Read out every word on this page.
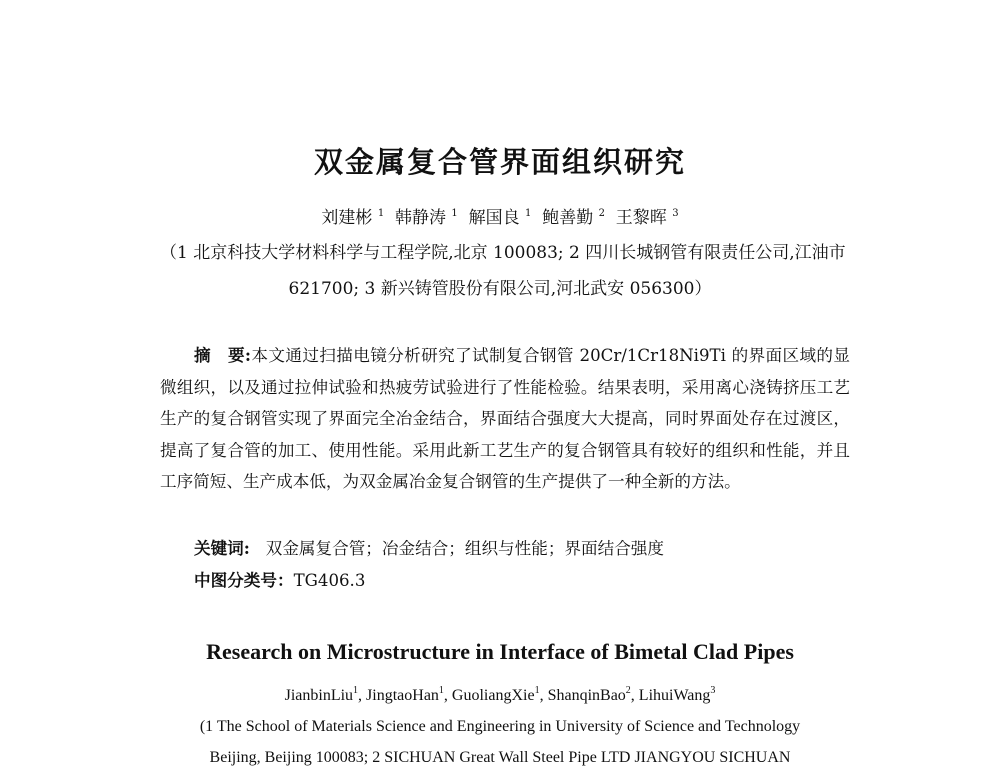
双金属复合管界面组织研究
刘建彬 $^1$ 韩静涛 $^1$ 解国良 $^1$ 鲍善勤 $^2$ 王黎晖 $^3$
（1 北京科技大学材料科学与工程学院,北京 100083; 2 四川长城钢管有限责任公司,江油市
621700; 3 新兴铸管股份有限公司,河北武安 056300）
摘　要:本文通过扫描电镜分析研究了试制复合钢管 20Cr/1Cr18Ni9Ti 的界面区域的显微组织，以及通过拉伸试验和热疲劳试验进行了性能检验。结果表明，采用离心浇铸挤压工艺生产的复合钢管实现了界面完全冶金结合，界面结合强度大大提高，同时界面处存在过渡区，提高了复合管的加工、使用性能。采用此新工艺生产的复合钢管具有较好的组织和性能，并且工序简短、生产成本低，为双金属冶金复合钢管的生产提供了一种全新的方法。
关键词: 双金属复合管；冶金结合；组织与性能；界面结合强度
中图分类号：TG406.3
Research on Microstructure in Interface of Bimetal Clad Pipes
JianbinLiu$^1$, JingtaoHan$^1$, GuoliangXie$^1$, ShanqinBao$^2$, LihuiWang$^3$
(1 The School of Materials Science and Engineering in University of Science and Technology
Beijing, Beijing 100083; 2 SICHUAN Great Wall Steel Pipe LTD JIANGYOU SICHUAN
